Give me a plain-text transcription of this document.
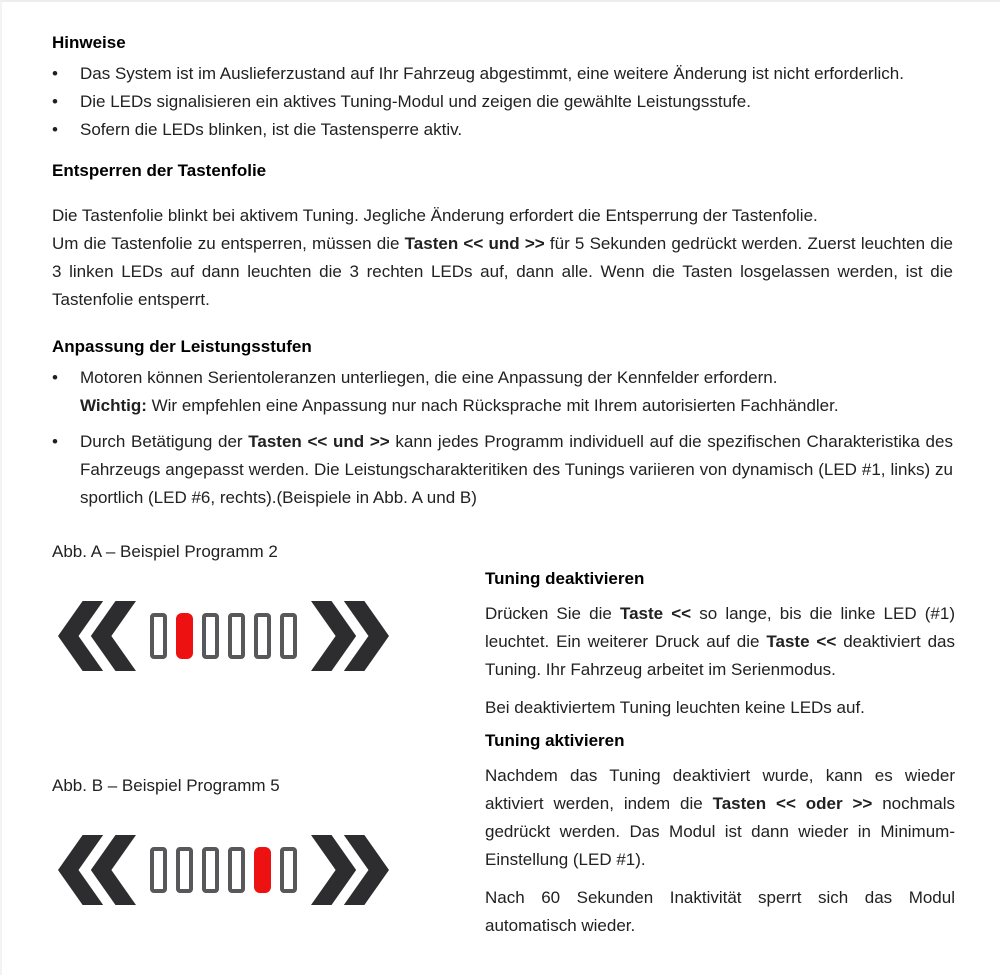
Hinweise
•	Das System ist im Auslieferzustand auf Ihr Fahrzeug abgestimmt, eine weitere Änderung ist nicht erforderlich.
•	Die LEDs signalisieren ein aktives Tuning-Modul und zeigen die gewählte Leistungsstufe.
•	Sofern die LEDs blinken, ist die Tastensperre aktiv.
Entsperren der Tastenfolie

Die Tastenfolie blinkt bei aktivem Tuning. Jegliche Änderung erfordert die Entsperrung der Tastenfolie.

Um die Tastenfolie zu entsperren, müssen die Tasten << und >> für 5 Sekunden gedrückt werden. Zuerst leuchten die 3 linken LEDs auf dann leuchten die 3 rechten LEDs auf, dann alle. Wenn die Tasten losgelassen werden, ist die Tastenfolie entsperrt.

Anpassung der Leistungsstufen
•	Motoren können Serientoleranzen unterliegen, die eine Anpassung der Kennfelder erfordern.
Wichtig: Wir empfehlen eine Anpassung nur nach Rücksprache mit Ihrem autorisierten Fachhändler.
•	Durch Betätigung der Tasten << und >> kann jedes Programm individuell auf die spezifischen Charakteristika des Fahrzeugs angepasst werden. Die Leistungscharakteritiken des Tunings variieren von dynamisch (LED #1, links) zu sportlich (LED #6, rechts).(Beispiele in Abb. A und B)

Abb. A – Beispiel Programm 2

Abb. B – Beispiel Programm 5

Tuning deaktivieren

Drücken Sie die Taste << so lange, bis die linke LED (#1) leuchtet. Ein weiterer Druck auf die Taste << deaktiviert das Tuning. Ihr Fahrzeug arbeitet im Serienmodus.

Bei deaktiviertem Tuning leuchten keine LEDs auf.

Tuning aktivieren

Nachdem das Tuning deaktiviert wurde, kann es wieder aktiviert werden, indem die Tasten << oder >> nochmals gedrückt werden. Das Modul ist dann wieder in Minimum-Einstellung (LED #1).

Nach 60 Sekunden Inaktivität sperrt sich das Modul automatisch wieder.
